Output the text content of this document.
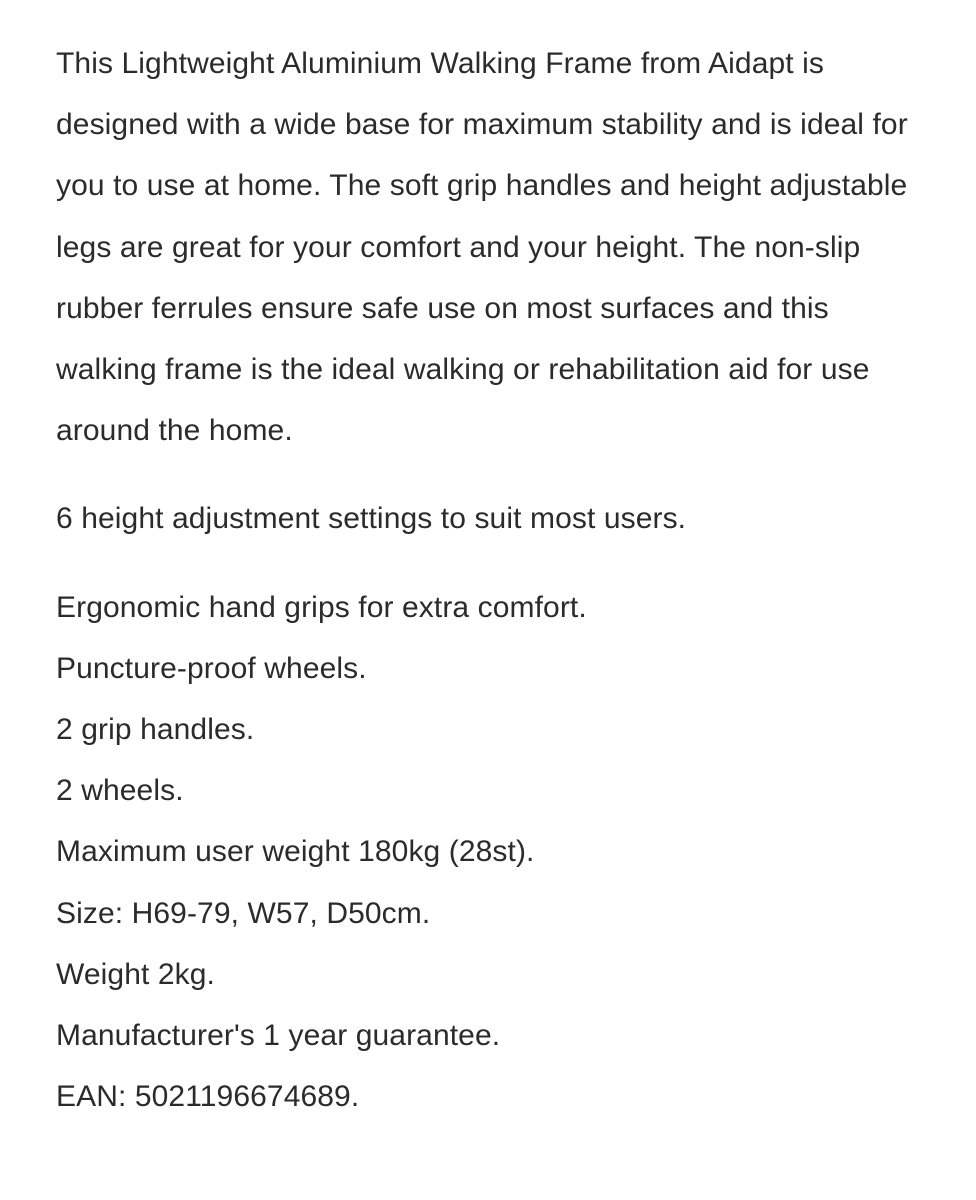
This Lightweight Aluminium Walking Frame from Aidapt is designed with a wide base for maximum stability and is ideal for you to use at home. The soft grip handles and height adjustable legs are great for your comfort and your height. The non-slip rubber ferrules ensure safe use on most surfaces and this walking frame is the ideal walking or rehabilitation aid for use around the home.

6 height adjustment settings to suit most users.

Ergonomic hand grips for extra comfort.

Puncture-proof wheels.
2 grip handles.
2 wheels.
Maximum user weight 180kg (28st).
Size: H69-79, W57, D50cm.
Weight 2kg.
Manufacturer's 1 year guarantee.
EAN: 5021196674689.
